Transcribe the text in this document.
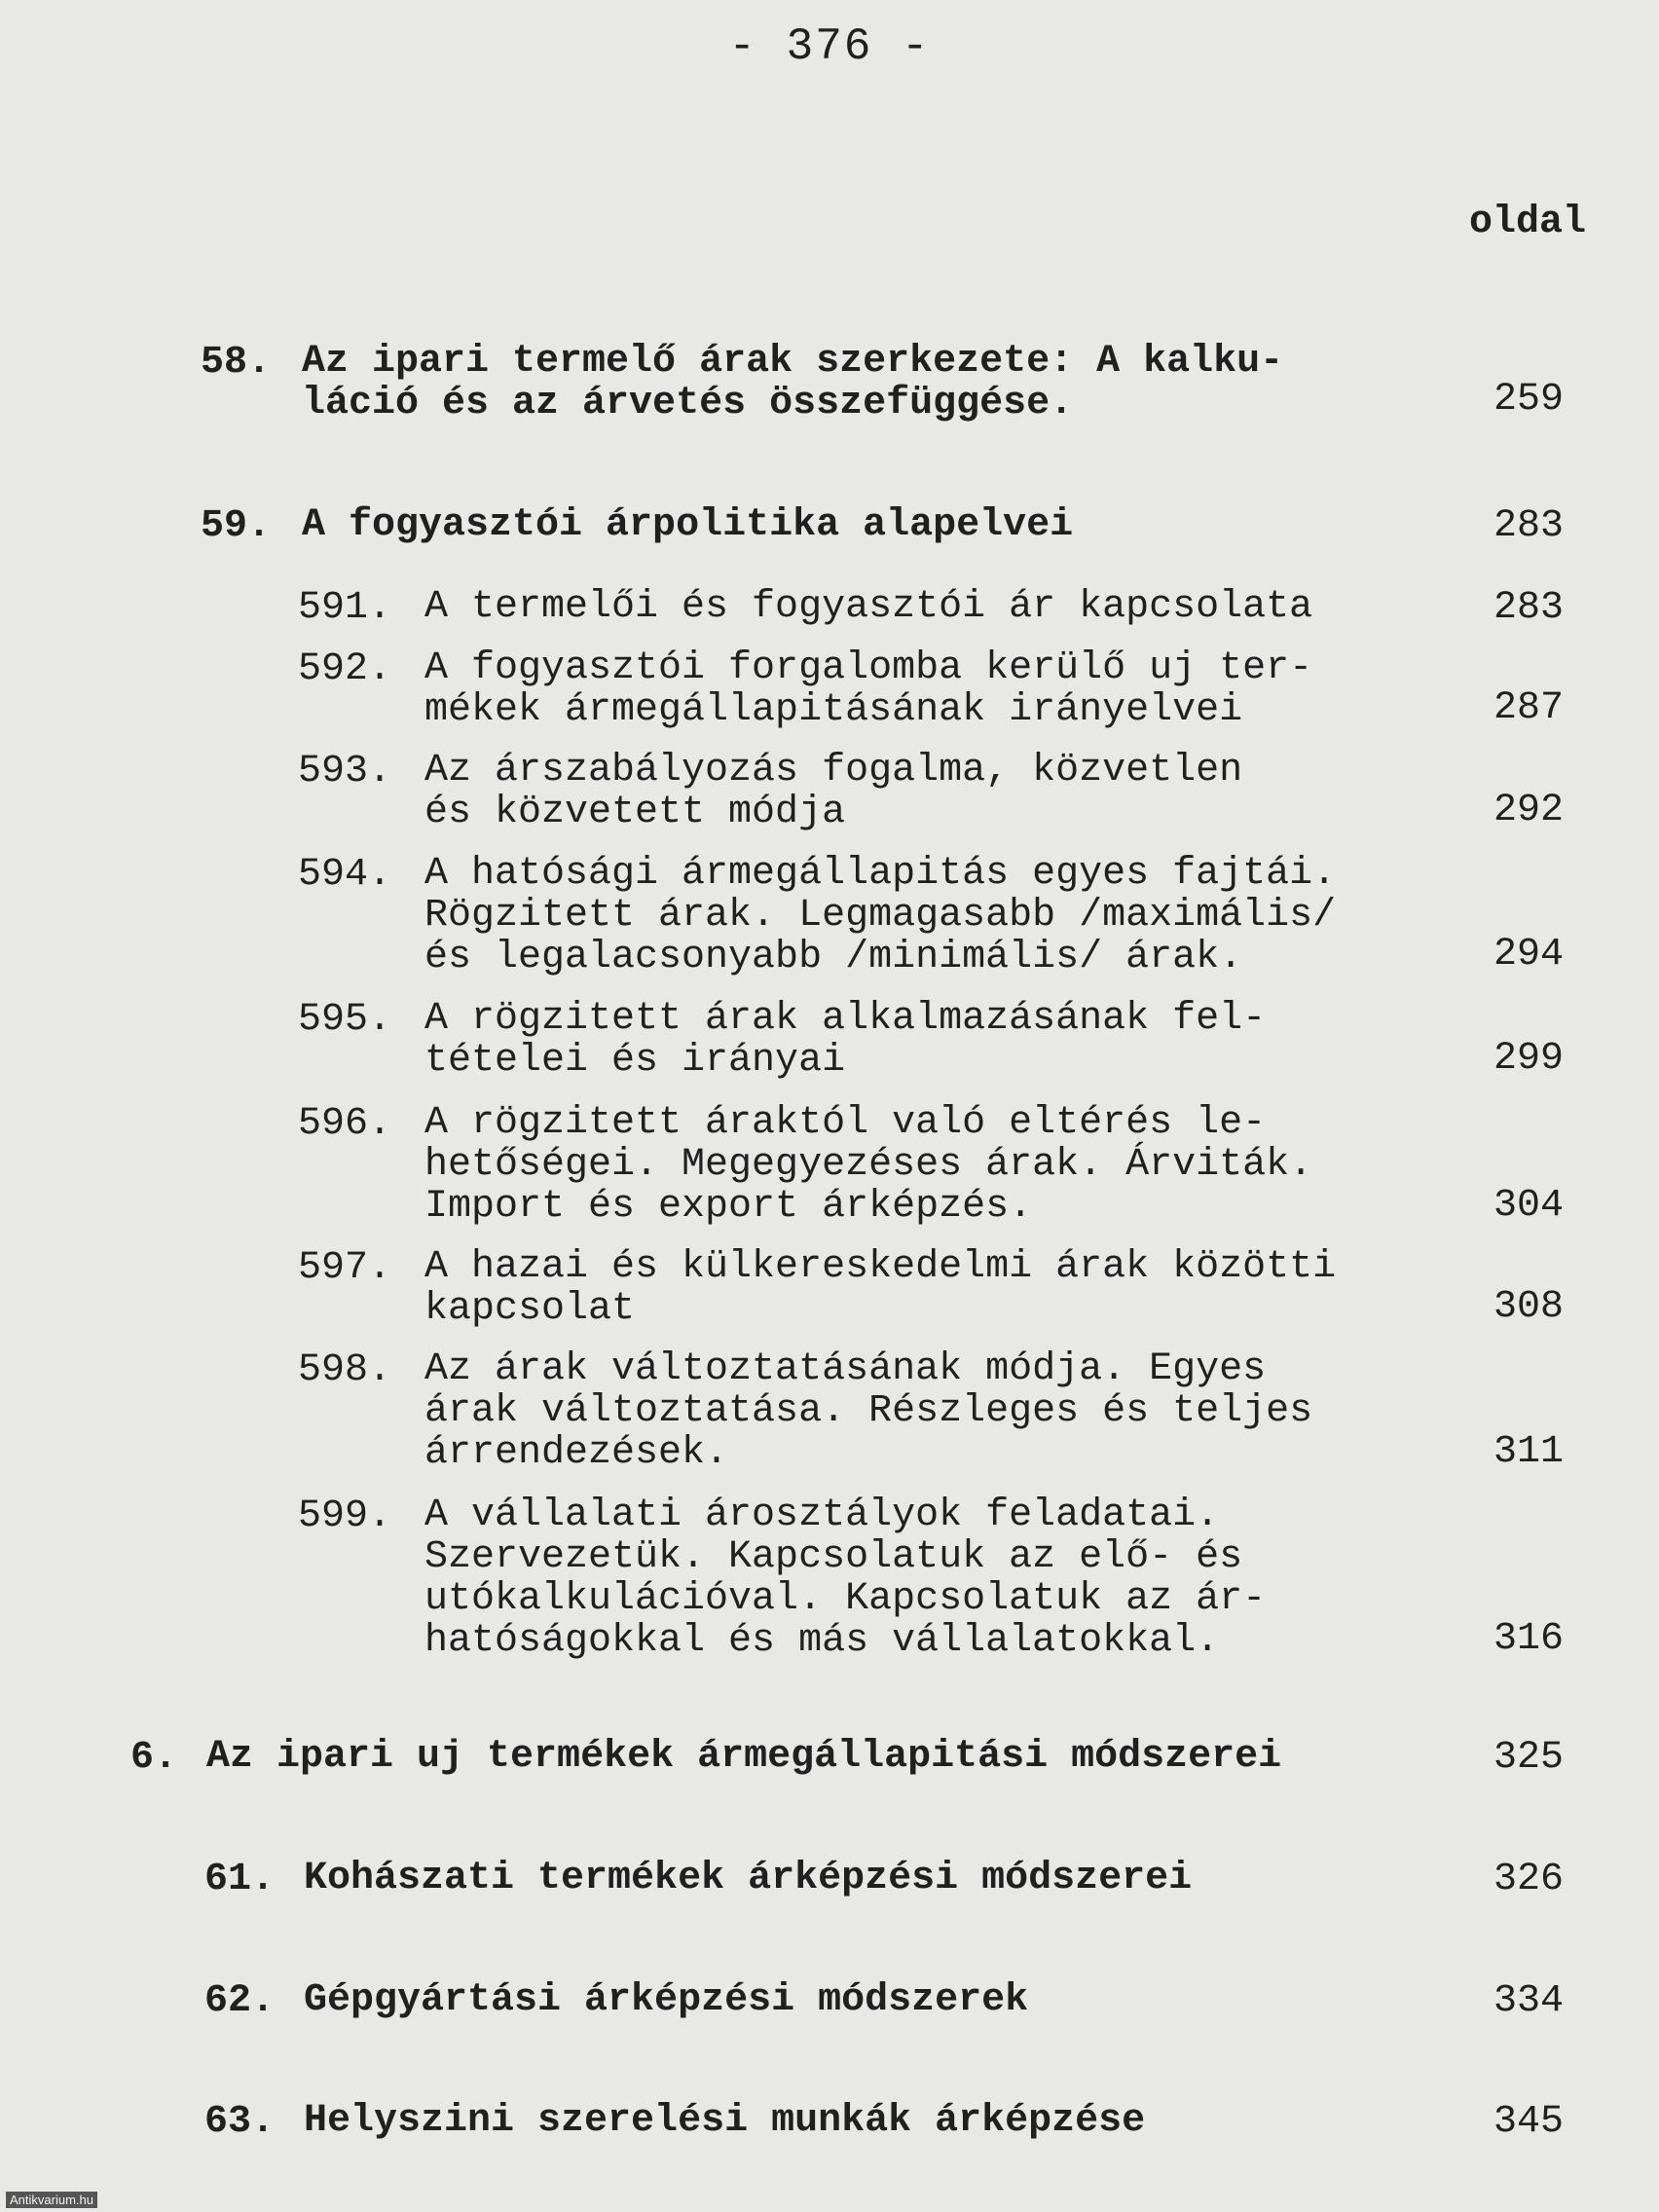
- 376 -
oldal
58. Az ipari termelő árak szerkezete: A kalku-
láció és az árvetés összefüggése.	259
59. A fogyasztói árpolitika alapelvei	283
591. A termelői és fogyasztói ár kapcsolata	283
592. A fogyasztói forgalomba kerülő uj ter-
mékek ármegállapitásának irányelvei	287
593. Az árszabályozás fogalma, közvetlen
és közvetett módja	292
594. A hatósági ármegállapitás egyes fajtái.
Rögzitett árak. Legmagasabb /maximális/
és legalacsonyabb /minimális/ árak.	294
595. A rögzitett árak alkalmazásának fel-
tételei és irányai	299
596. A rögzitett áraktól való eltérés le-
hetőségei. Megegyezéses árak. Árviták.
Import és export árképzés.	304
597. A hazai és külkereskedelmi árak közötti
kapcsolat	308
598. Az árak változtatásának módja. Egyes
árak változtatása. Részleges és teljes
árrendezések.	311
599. A vállalati árosztályok feladatai.
Szervezetük. Kapcsolatuk az elő- és
utókalkulációval. Kapcsolatuk az ár-
hatóságokkal és más vállalatokkal.	316
6. Az ipari uj termékek ármegállapitási módszerei	325
61. Kohászati termékek árképzési módszerei	326
62. Gépgyártási árképzési módszerek	334
63. Helyszini szerelési munkák árképzése	345
Antikvarium.hu
